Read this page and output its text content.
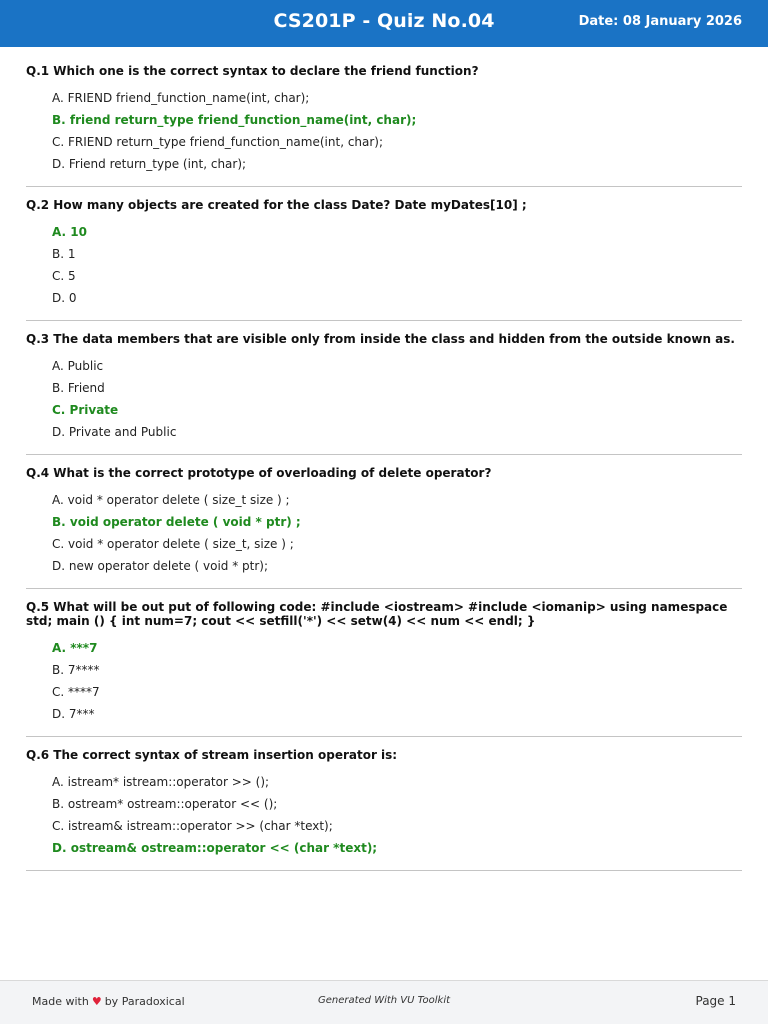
CS201P - Quiz No.04	Date: 08 January 2026
Q.1 Which one is the correct syntax to declare the friend function?
A. FRIEND friend_function_name(int, char);
B. friend return_type friend_function_name(int, char);
C. FRIEND return_type friend_function_name(int, char);
D. Friend return_type (int, char);
Q.2 How many objects are created for the class Date? Date myDates[10] ;
A. 10
B. 1
C. 5
D. 0
Q.3 The data members that are visible only from inside the class and hidden from the outside known as.
A. Public
B. Friend
C. Private
D. Private and Public
Q.4 What is the correct prototype of overloading of delete operator?
A. void * operator delete ( size_t size ) ;
B. void operator delete ( void * ptr) ;
C. void * operator delete ( size_t, size ) ;
D. new operator delete ( void * ptr);
Q.5 What will be out put of following code: #include <iostream> #include <iomanip> using namespace std; main () { int num=7; cout << setfill('*') << setw(4) << num << endl; }
A. ***7
B. 7****
C. ****7
D. 7***
Q.6 The correct syntax of stream insertion operator is:
A. istream* istream::operator >> ();
B. ostream* ostream::operator << ();
C. istream& istream::operator >> (char *text);
D. ostream& ostream::operator << (char *text);
Made with ♥ by Paradoxical	Generated With VU Toolkit	Page 1
